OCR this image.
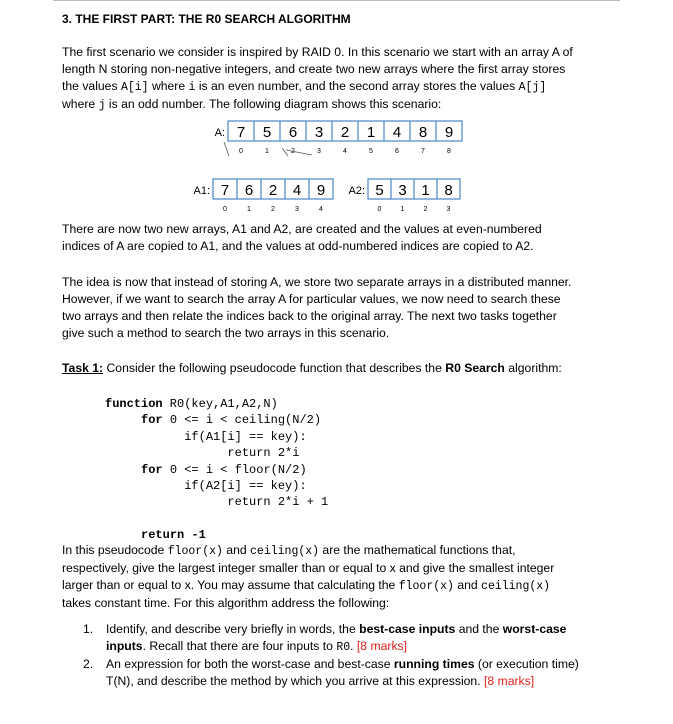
3. THE FIRST PART: THE R0 SEARCH ALGORITHM
The first scenario we consider is inspired by RAID 0. In this scenario we start with an array A of
length N storing non-negative integers, and create two new arrays where the first array stores
the values A[i] where i is an even number, and the second array stores the values A[j]
where j is an odd number. The following diagram shows this scenario:
A: 7
0
5
1
6 3
3
2
4
1
5
4
6
8
7
9
8
A1: 7
0
6
1
2
2
4
3
9
4
A2: 5
0
3
1
1
2
8
3
There are now two new arrays, A1 and A2, are created and the values at even-numbered
indices of A are copied to A1, and the values at odd-numbered indices are copied to A2.
The idea is now that instead of storing A, we store two separate arrays in a distributed manner.
However, if we want to search the array A for particular values, we now need to search these
two arrays and then relate the indices back to the original array. The next two tasks together
give such a method to search the two arrays in this scenario.
Task 1: Consider the following pseudocode function that describes the R0 Search algorithm:
function R0(key,A1,A2,N)
for 0 <= i < ceiling(N/2)
if(A1[i] == key):
return 2*i
for 0 <= i < floor(N/2)
if(A2[i] == key):
return 2*i + 1

return -1
In this pseudocode floor(x) and ceiling(x) are the mathematical functions that,
respectively, give the largest integer smaller than or equal to x and give the smallest integer
larger than or equal to x. You may assume that calculating the floor(x) and ceiling(x)
takes constant time. For this algorithm address the following:
1. Identify, and describe very briefly in words, the best-case inputs and the worst-case
inputs. Recall that there are four inputs to R0. [8 marks]
2. An expression for both the worst-case and best-case running times (or execution time)
T(N), and describe the method by which you arrive at this expression. [8 marks]
